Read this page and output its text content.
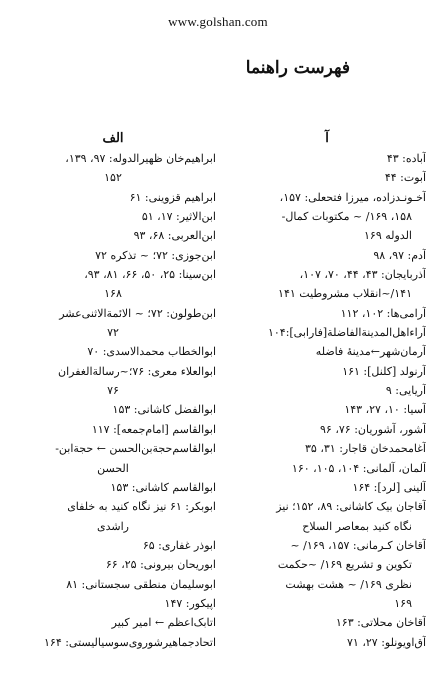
www.golshan.com
فهرست راهنما
آ

آباده: ۴۳

آبوت: ۴۴

آخـونـدزاده، میرزا فتحعلی: ۱۵۷،

۱۵۸، ۱۶۹/ ~ مکتوبات کمال-

الدوله ۱۶۹

آدم: ۹۷، ۹۸

آذربایجان: ۴۳، ۴۴، ۷۰، ۱۰۷،

۱۴۱/~انقلاب مشروطیت ۱۴۱

آرامی‌ها: ۱۰۲، ۱۱۲

آراءاهل‌المدینةالفاضلة[فارابی]:۱۰۴

آرمان‌شهر←مدینهٔ فاضله

آرنولد [کلنل]: ۱۶۱

آریایی: ۹

آسیا: ۱۰، ۲۷، ۱۴۳

آشور، آشوریان: ۷۶، ۹۶

آغامحمدخان قاجار: ۳۱، ۳۵

آلمان، آلمانی: ۱۰۴، ۱۰۵، ۱۶۰

آلینی [لرد]: ۱۶۴

آقاجان بیک کاشانی: ۸۹، ۱۵۲؛ نیز

نگاه کنید بمعاصر السلاح

آقاخان کـرمانی: ۱۵۷، ۱۶۹/ ~

تکوین و تشریع ۱۶۹/ ~حکمت

نظری ۱۶۹/ ~ هشت بهشت

۱۶۹

آقاخان محلاتی: ۱۶۳

آق‌اویونلو: ۲۷، ۷۱

الف

ابراهیم‌خان ظهیرالدوله: ۹۷، ۱۳۹،

۱۵۲

ابراهیم قزوینی: ۶۱

ابن‌الاثیر: ۱۷، ۵۱

ابن‌العربی: ۶۸، ۹۳

ابن‌جوزی: ۷۲؛ ~ تذکره ۷۲

ابن‌سینا: ۲۵، ۵۰، ۶۶، ۸۱، ۹۳،

۱۶۸

ابن‌طولون: ۷۲؛ ~ الائمة‌الاثنی‌عشر

۷۲

ابوالخطاب محمدالاسدی: ۷۰

ابوالعلاء معری: ۷۶؛~رسالةالغفران

۷۶

ابوالفضل کاشانی: ۱۵۳

ابوالقاسم [امام‌جمعه]: ۱۱۷

ابوالقاسم‌حجةبن‌الحسن ← حجةابن-

الحسن

ابوالقاسم کاشانی: ۱۵۳

ابوبکر: ۶۱ نیز نگاه کنید به خلفای

راشدی

ابوذر غفاری: ۶۵

ابوریحان بیرونی: ۲۵، ۶۶

ابوسلیمان منطقی سجستانی: ۸۱

اپیکور: ۱۴۷

اتابک‌اعظم ← امیر کبیر

اتحادجماهیرشوروی‌سوسیالیستی: ۱۶۴
